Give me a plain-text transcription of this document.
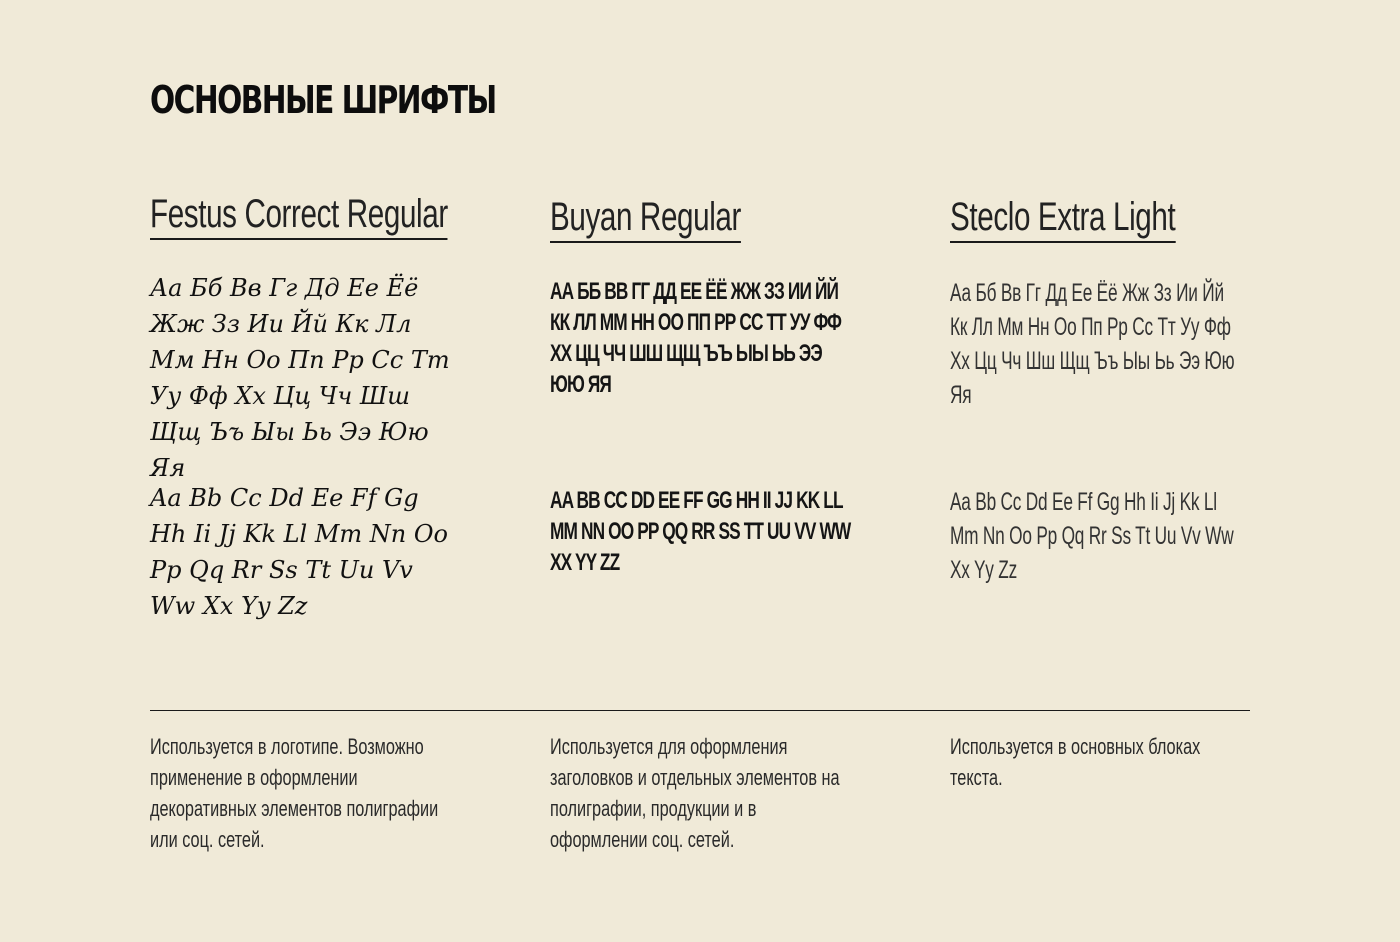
ОСНОВНЫЕ ШРИФТЫ
Festus Correct Regular

Аа Бб Вв Гг Дд Ее Ёё Жж Зз Ии Йй Кк Лл Мм Нн Оо Пп Рр Сс Тт Уу Фф Хх Цц Чч Шш Щщ Ъъ Ыы Ьь Ээ Юю Яя

Aa Bb Cc Dd Ee Ff Gg Hh Ii Jj Kk Ll Mm Nn Oo Pp Qq Rr Ss Tt Uu Vv Ww Xx Yy Zz

Buyan Regular

АА ББ ВВ ГГ ДД ЕЕ ЁЁ ЖЖ ЗЗ ИИ ЙЙ КК ЛЛ ММ НН ОО ПП РР СС ТТ УУ ФФ ХХ ЦЦ ЧЧ ШШ ЩЩ ЪЪ ЫЫ ЬЬ ЭЭ ЮЮ ЯЯ

AA BB CC DD EE FF GG HH II JJ KK LL MM NN OO PP QQ RR SS TT UU VV WW XX YY ZZ

Steclo Extra Light

Аа Бб Вв Гг Дд Ее Ёё Жж Зз Ии Йй Кк Лл Мм Нн Оо Пп Рр Сс Тт Уу Фф Хх Цц Чч Шш Щщ Ъъ Ыы Ьь Ээ Юю Яя

Aa Bb Cc Dd Ee Ff Gg Hh Ii Jj Kk Ll Mm Nn Oo Pp Qq Rr Ss Tt Uu Vv Ww Xx Yy Zz

Используется в логотипе. Возможно применение в оформлении декоративных элементов полиграфии или соц. сетей.

Используется для оформления заголовков и отдельных элементов на полиграфии, продукции и в оформлении соц. сетей.

Используется в основных блоках текста.
